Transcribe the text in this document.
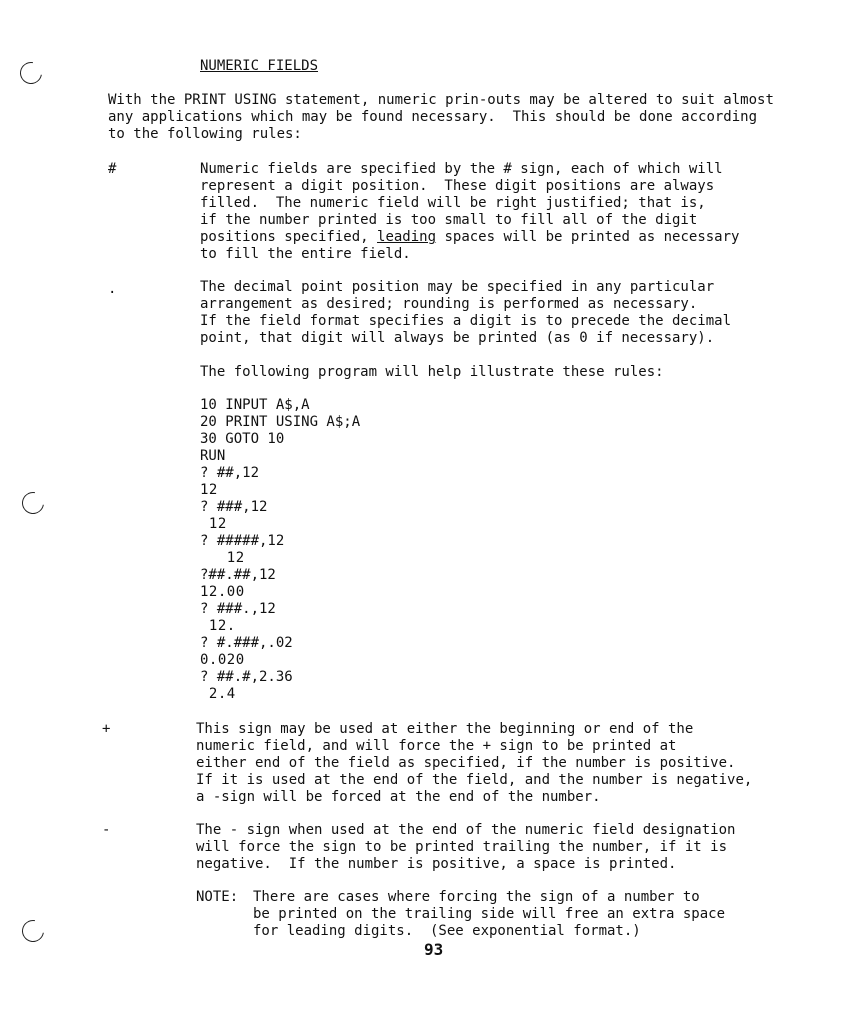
NUMERIC FIELDS
With the PRINT USING statement, numeric prin-outs may be altered to suit almost
any applications which may be found necessary.  This should be done according
to the following rules:
#	Numeric fields are specified by the # sign, each of which will
represent a digit position.  These digit positions are always
filled.  The numeric field will be right justified; that is,
if the number printed is too small to fill all of the digit
positions specified, leading spaces will be printed as necessary
to fill the entire field.
.	The decimal point position may be specified in any particular
arrangement as desired; rounding is performed as necessary.
If the field format specifies a digit is to precede the decimal
point, that digit will always be printed (as 0 if necessary).
The following program will help illustrate these rules:
10 INPUT A$,A
20 PRINT USING A$;A
30 GOTO 10
RUN
? ##,12
12
? ###,12
12
? #####,12
12
?##.##,12
12.00
? ###.,12
12.
? #.###,.02
0.020
? ##.#,2.36
2.4
+	This sign may be used at either the beginning or end of the
numeric field, and will force the + sign to be printed at
either end of the field as specified, if the number is positive.
If it is used at the end of the field, and the number is negative,
a -sign will be forced at the end of the number.
-	The - sign when used at the end of the numeric field designation
will force the sign to be printed trailing the number, if it is
negative.  If the number is positive, a space is printed.
NOTE: There are cases where forcing the sign of a number to
be printed on the trailing side will free an extra space
for leading digits.  (See exponential format.)
93
